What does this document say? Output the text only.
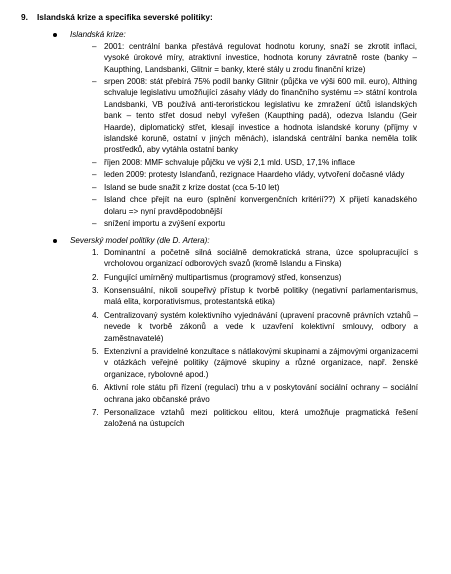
9. Islandská krize a specifika severské politiky:
Islandská krize:
– 2001: centrální banka přestává regulovat hodnotu koruny, snaží se zkrotit inflaci, vysoké úrokové míry, atraktivní investice, hodnota koruny závratně roste (banky – Kaupthing, Landsbanki, Glitnir = banky, které stály u zrodu finanční krize)
– srpen 2008: stát přebírá 75% podíl banky Glitnir (půjčka ve výši 600 mil. euro), Althing schvaluje legislativu umožňující zásahy vlády do finančního systému => státní kontrola Landsbanki, VB používá anti-teroristickou legislativu ke zmražení účtů islandských bank – tento střet dosud nebyl vyřešen (Kaupthing padá), odezva Islandu (Geir Haarde), diplomatický střet, klesají investice a hodnota islandské koruny (příjmy v islandské koruně, ostatní v jiných měnách), islandská centrální banka neměla tolik prostředků, aby vytáhla ostatní banky
– říjen 2008: MMF schvaluje půjčku ve výši 2,1 mld. USD, 17,1% inflace
– leden 2009: protesty Islanďanů, rezignace Haardeho vlády, vytvoření dočasné vlády
– Island se bude snažit z krize dostat (cca 5-10 let)
– Island chce přejít na euro (splnění konvergenčních kritérií??) X přijetí kanadského dolaru => nyní pravděpodobnější
– snížení importu a zvýšení exportu
Severský model politiky (dle D. Artera):
1. Dominantní a početně silná sociálně demokratická strana, úzce spolupracující s vrcholovou organizací odborových svazů (kromě Islandu a Finska)
2. Fungující umírněný multipartismus (programový střed, konsenzus)
3. Konsensuální, nikoli soupeřivý přístup k tvorbě politiky (negativní parlamentarismus, malá elita, korporativismus, protestantská etika)
4. Centralizovaný systém kolektivního vyjednávání (upravení pracovně právních vztahů – nevede k tvorbě zákonů a vede k uzavření kolektivní smlouvy, odbory a zaměstnavatelé)
5. Extenzivní a pravidelné konzultace s nátlakovými skupinami a zájmovými organizacemi v otázkách veřejné politiky (zájmové skupiny a různé organizace, např. ženské organizace, rybolovné apod.)
6. Aktivní role státu při řízení (regulaci) trhu a v poskytování sociální ochrany – sociální ochrana jako občanské právo
7. Personalizace vztahů mezi politickou elitou, která umožňuje pragmatická řešení založená na ústupcích
